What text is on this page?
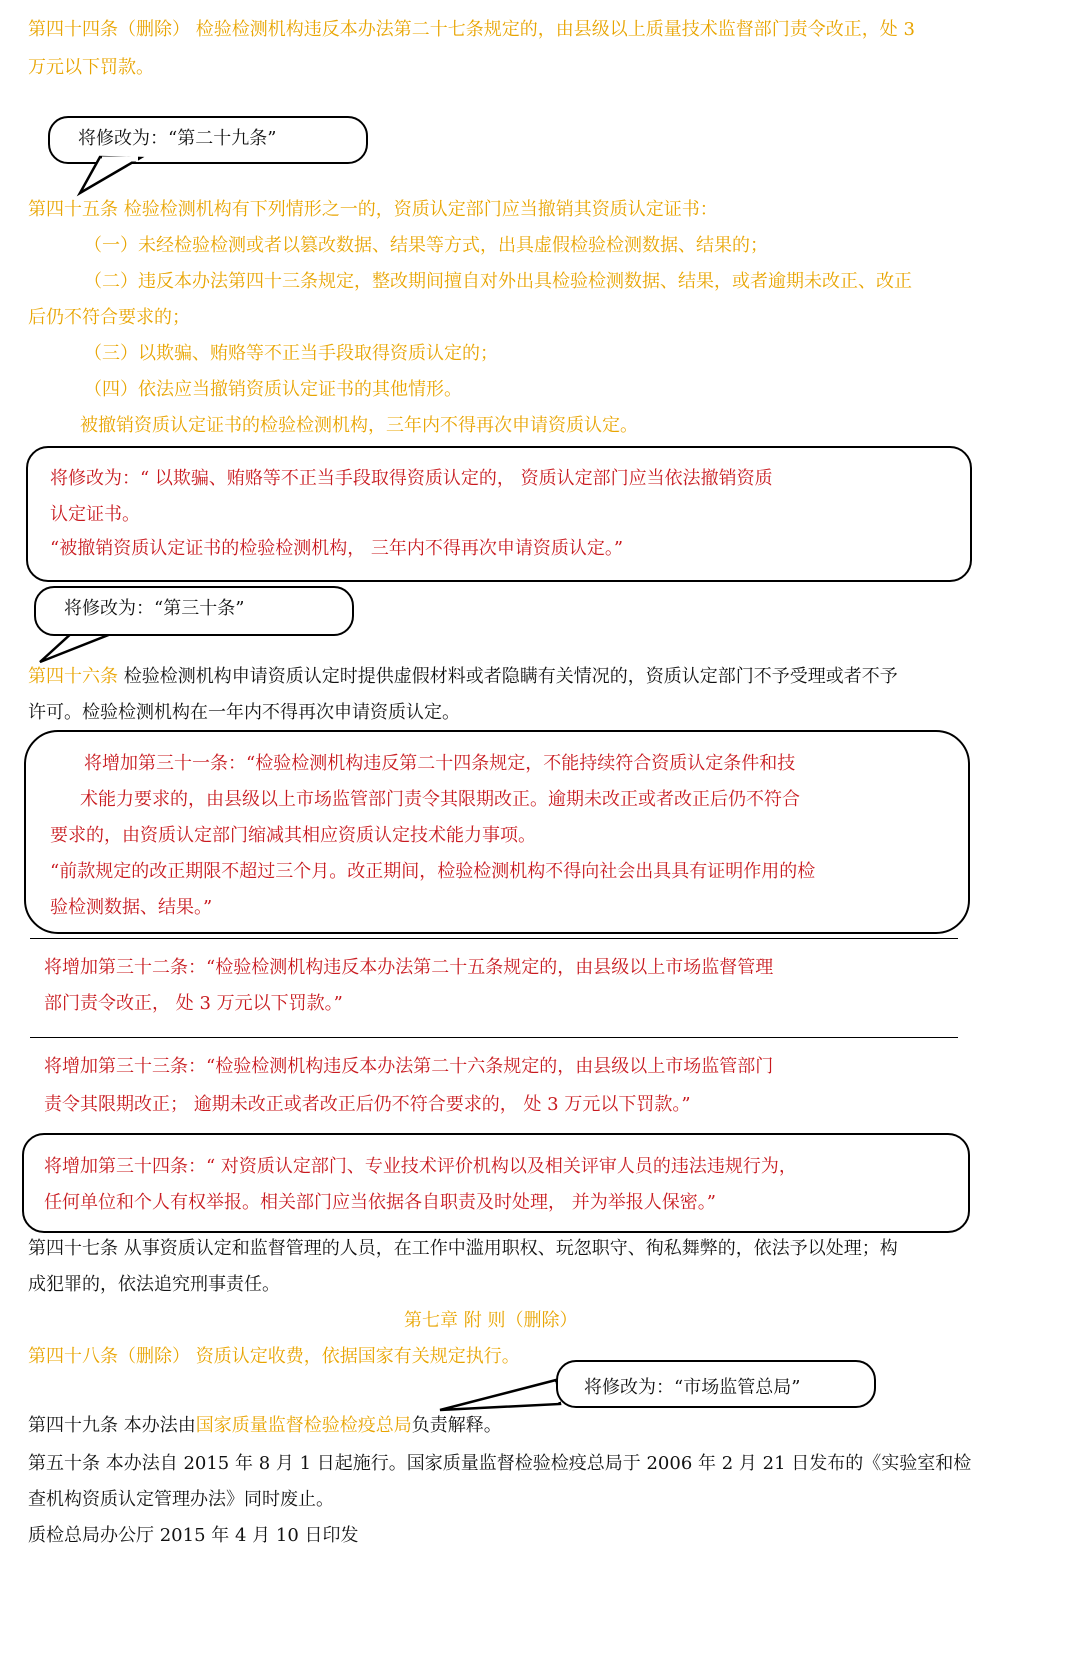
第四十四条（删除） 检验检测机构违反本办法第二十七条规定的，由县级以上质量技术监督部门责令改正，处 3
万元以下罚款。
将修改为：“第二十九条”
第四十五条 检验检测机构有下列情形之一的，资质认定部门应当撤销其资质认定证书：
（一）未经检验检测或者以篡改数据、结果等方式，出具虚假检验检测数据、结果的；
（二）违反本办法第四十三条规定，整改期间擅自对外出具检验检测数据、结果，或者逾期未改正、改正
后仍不符合要求的；
（三）以欺骗、贿赂等不正当手段取得资质认定的；
（四）依法应当撤销资质认定证书的其他情形。
被撤销资质认定证书的检验检测机构，三年内不得再次申请资质认定。
将修改为：“ 以欺骗、贿赂等不正当手段取得资质认定的， 资质认定部门应当依法撤销资质
认定证书。
“被撤销资质认定证书的检验检测机构， 三年内不得再次申请资质认定。”
将修改为：“第三十条”
第四十六条 检验检测机构申请资质认定时提供虚假材料或者隐瞒有关情况的，资质认定部门不予受理或者不予
许可。检验检测机构在一年内不得再次申请资质认定。
将增加第三十一条：“检验检测机构违反第二十四条规定，不能持续符合资质认定条件和技
术能力要求的，由县级以上市场监管部门责令其限期改正。逾期未改正或者改正后仍不符合
要求的，由资质认定部门缩减其相应资质认定技术能力事项。
“前款规定的改正期限不超过三个月。改正期间，检验检测机构不得向社会出具具有证明作用的检
验检测数据、结果。”
将增加第三十二条：“检验检测机构违反本办法第二十五条规定的，由县级以上市场监督管理
部门责令改正， 处 3 万元以下罚款。”
将增加第三十三条：“检验检测机构违反本办法第二十六条规定的，由县级以上市场监管部门
责令其限期改正； 逾期未改正或者改正后仍不符合要求的， 处 3 万元以下罚款。”
将增加第三十四条：“ 对资质认定部门、专业技术评价机构以及相关评审人员的违法违规行为，
任何单位和个人有权举报。相关部门应当依据各自职责及时处理， 并为举报人保密。”
第四十七条 从事资质认定和监督管理的人员，在工作中滥用职权、玩忽职守、徇私舞弊的，依法予以处理；构
成犯罪的，依法追究刑事责任。
第七章 附 则（删除）
第四十八条（删除） 资质认定收费，依据国家有关规定执行。
将修改为：“市场监管总局”
第四十九条 本办法由国家质量监督检验检疫总局负责解释。
第五十条 本办法自 2015 年 8 月 1 日起施行。国家质量监督检验检疫总局于 2006 年 2 月 21 日发布的《实验室和检
查机构资质认定管理办法》同时废止。
质检总局办公厅 2015 年 4 月 10 日印发
